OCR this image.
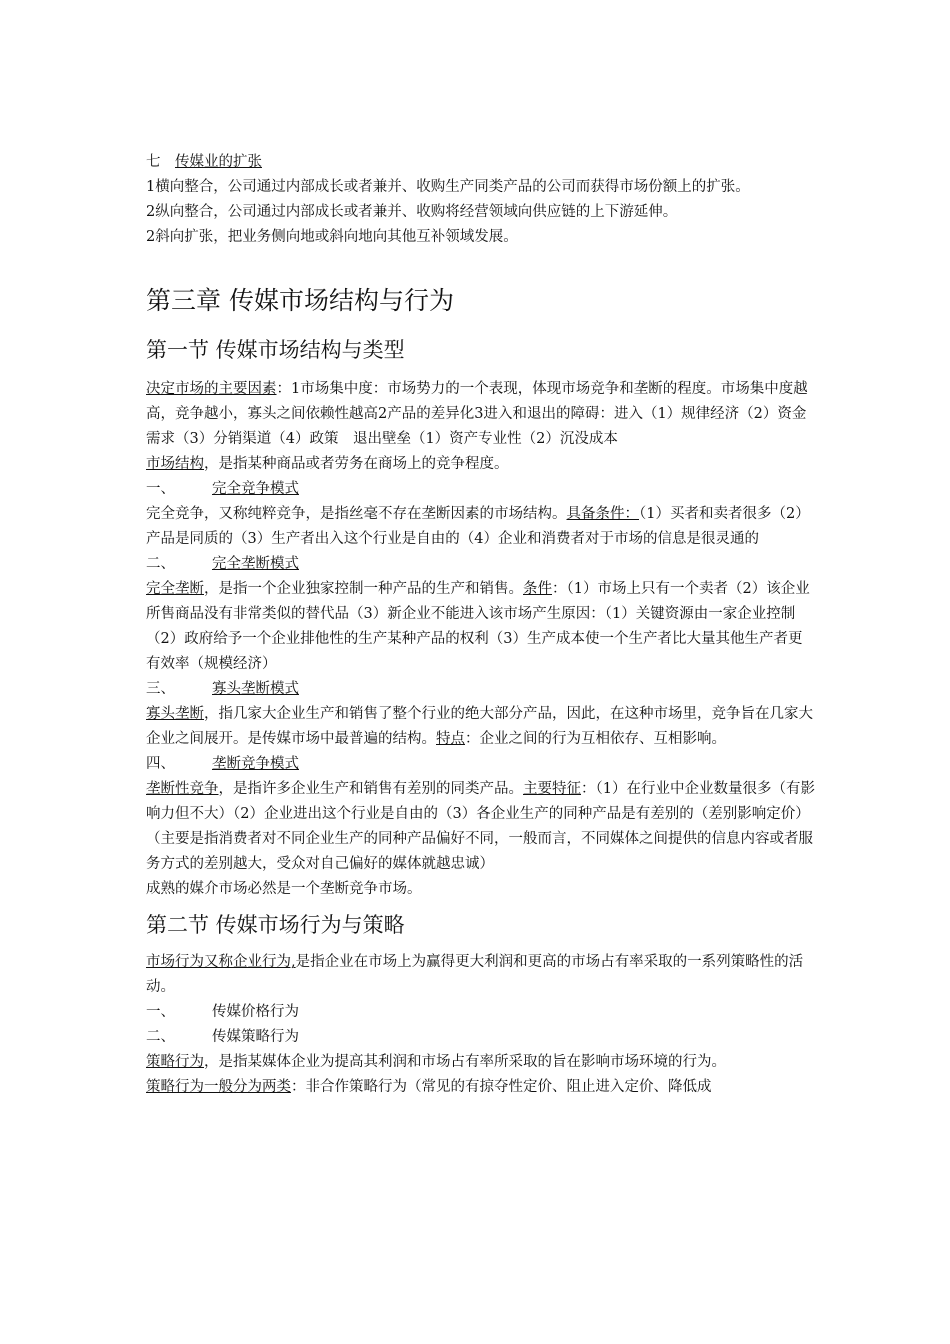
七　 传媒业的扩张

1横向整合，公司通过内部成长或者兼并、收购生产同类产品的公司而获得市场份额上的扩张。

2纵向整合，公司通过内部成长或者兼并、收购将经营领域向供应链的上下游延伸。

2斜向扩张，把业务侧向地或斜向地向其他互补领域发展。

第三章 传媒市场结构与行为
第一节 传媒市场结构与类型

决定市场的主要因素：1市场集中度：市场势力的一个表现，体现市场竞争和垄断的程度。市场集中度越高，竞争越小，寡头之间依赖性越高2产品的差异化3进入和退出的障碍：进入（1）规律经济（2）资金需求（3）分销渠道（4）政策　退出壁垒（1）资产专业性（2）沉没成本

市场结构，是指某种商品或者劳务在商场上的竞争程度。

一、	完全竞争模式

完全竞争，又称纯粹竞争，是指丝毫不存在垄断因素的市场结构。具备条件：（1）买者和卖者很多（2）产品是同质的（3）生产者出入这个行业是自由的（4）企业和消费者对于市场的信息是很灵通的

二、	完全垄断模式

完全垄断，是指一个企业独家控制一种产品的生产和销售。条件：（1）市场上只有一个卖者（2）该企业所售商品没有非常类似的替代品（3）新企业不能进入该市场产生原因：（1）关键资源由一家企业控制（2）政府给予一个企业排他性的生产某种产品的权利（3）生产成本使一个生产者比大量其他生产者更有效率（规模经济）

三、	寡头垄断模式

寡头垄断，指几家大企业生产和销售了整个行业的绝大部分产品，因此，在这种市场里，竞争旨在几家大企业之间展开。是传媒市场中最普遍的结构。特点：企业之间的行为互相依存、互相影响。

四、	垄断竞争模式

垄断性竞争，是指许多企业生产和销售有差别的同类产品。主要特征：（1）在行业中企业数量很多（有影响力但不大）（2）企业进出这个行业是自由的（3）各企业生产的同种产品是有差别的（差别影响定价）（主要是指消费者对不同企业生产的同种产品偏好不同，一般而言，不同媒体之间提供的信息内容或者服务方式的差别越大，受众对自己偏好的媒体就越忠诚）

成熟的媒介市场必然是一个垄断竞争市场。

第二节 传媒市场行为与策略

市场行为又称企业行为,是指企业在市场上为赢得更大利润和更高的市场占有率采取的一系列策略性的活动。

一、	传媒价格行为

二、	传媒策略行为

策略行为，是指某媒体企业为提高其利润和市场占有率所采取的旨在影响市场环境的行为。

策略行为一般分为两类：非合作策略行为（常见的有掠夺性定价、阻止进入定价、降低成
